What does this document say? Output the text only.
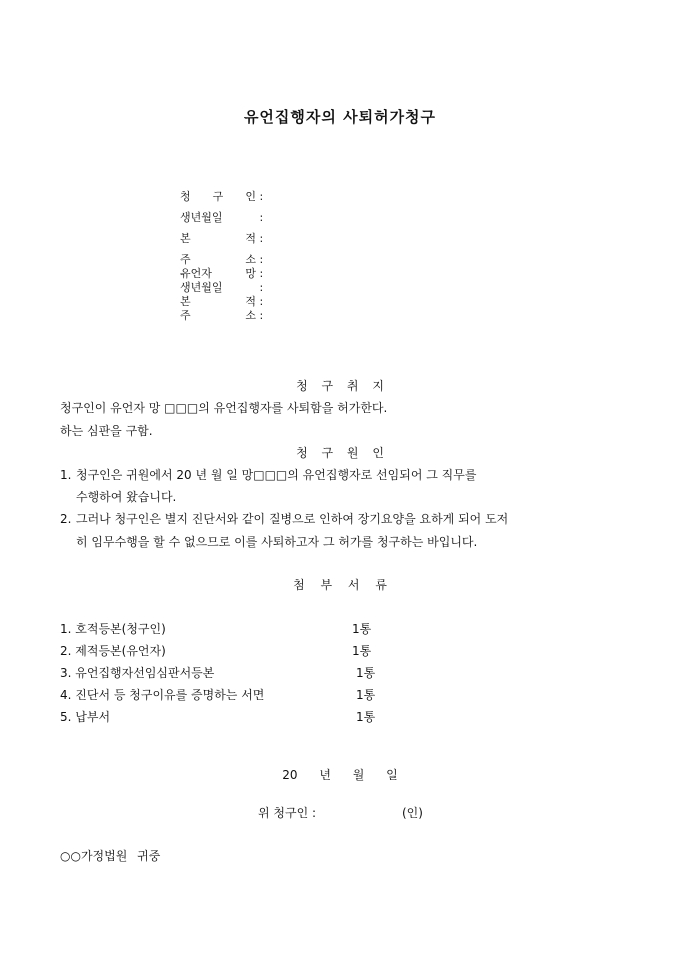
유언집행자의 사퇴허가청구
청 구 인 :
생년월일	:
본 적 :
주 소 :
유언자 망 :
생년월일	:
본 적 :
주 소 :
청 구 취 지
청구인이 유언자 망 □□□의 유언집행자를 사퇴함을 허가한다.
하는 심판을 구함.
청 구 원 인
1. 청구인은 귀원에서 20 년 월 일 망□□□의 유언집행자로 선임되어 그 직무를
수행하여 왔습니다.
2. 그러나 청구인은 별지 진단서와 같이 질병으로 인하여 장기요양을 요하게 되어 도저
히 임무수행을 할 수 없으므로 이를 사퇴하고자 그 허가를 청구하는 바입니다.
첨 부 서 류
1. 호적등본(청구인)	1통
2. 제적등본(유언자)	1통
3. 유언집행자선임심판서등본	1통
4. 진단서 등 청구이유를 증명하는 서면	1통
5. 납부서	1통
20 년 월 일
위 청구인 :	(인)
○○가정법원 귀중
